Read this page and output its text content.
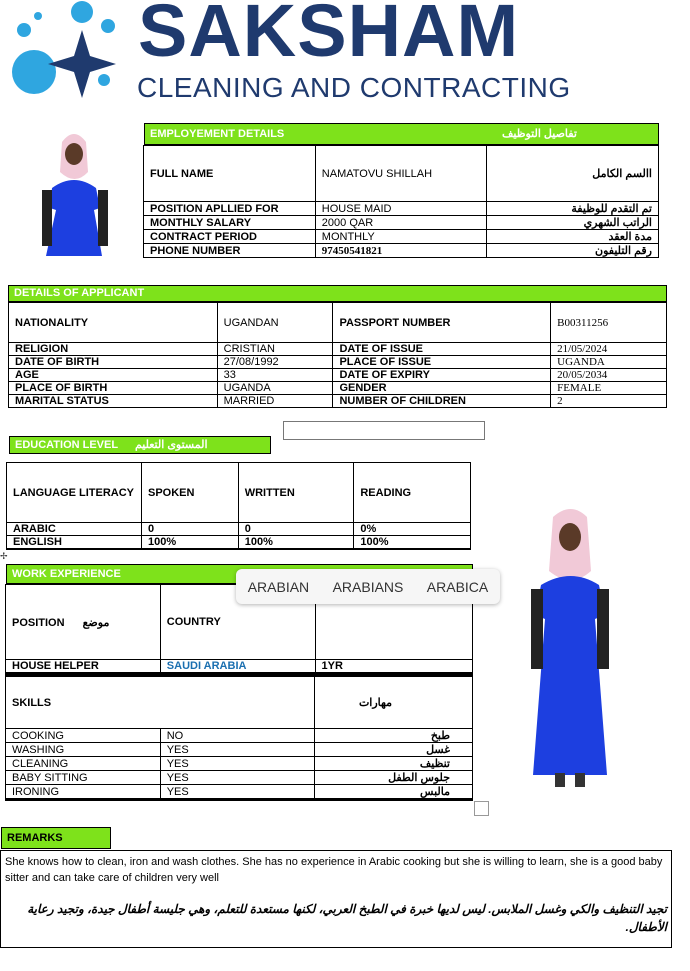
SAKSHAM
CLEANING AND CONTRACTING
EMPLOYEMENT DETAILS	تفاصيل التوظيف
FULL NAME	NAMATOVU SHILLAH	االسم الكامل
POSITION APLLIED FOR	HOUSE MAID	تم التقدم للوظيفة
MONTHLY SALARY	2000 QAR	الراتب الشهري
CONTRACT PERIOD	MONTHLY	مدة العقد
PHONE NUMBER	97450541821	رقم التليفون
DETAILS OF APPLICANT
NATIONALITY	UGANDAN	PASSPORT NUMBER	B00311256
RELIGION	CRISTIAN	DATE OF ISSUE	21/05/2024
DATE OF BIRTH	27/08/1992	PLACE OF ISSUE	UGANDA
AGE	33	DATE OF EXPIRY	20/05/2034
PLACE OF BIRTH	UGANDA	GENDER	FEMALE
MARITAL STATUS	MARRIED	NUMBER OF CHILDREN	2
EDUCATION LEVEL المستوى التعليم
LANGUAGE LITERACY	SPOKEN	WRITTEN	READING
ARABIC	0	0	0%
ENGLISH	100%	100%	100%

✢
WORK EXPERIENCE
POSITION موضع	COUNTRY	
HOUSE HELPER	SAUDI ARABIA	1YR

SKILLS		مهارات
COOKING	NO	طبخ
WASHING	YES	غسل
CLEANING	YES	تنظيف
BABY SITTING	YES	جلوس الطفل
IRONING	YES	مالبس

ARABIAN ARABIANS ARABICA
REMARKS
She knows how to clean, iron and wash clothes. She has no experience in Arabic cooking but she is willing to learn, she is a good baby sitter and can take care of children very well
تجيد التنظيف والكي وغسل الملابس. ليس لديها خبرة في الطبخ العربي، لكنها مستعدة للتعلم، وهي جليسة أطفال جيدة، وتجيد رعاية الأطفال.
